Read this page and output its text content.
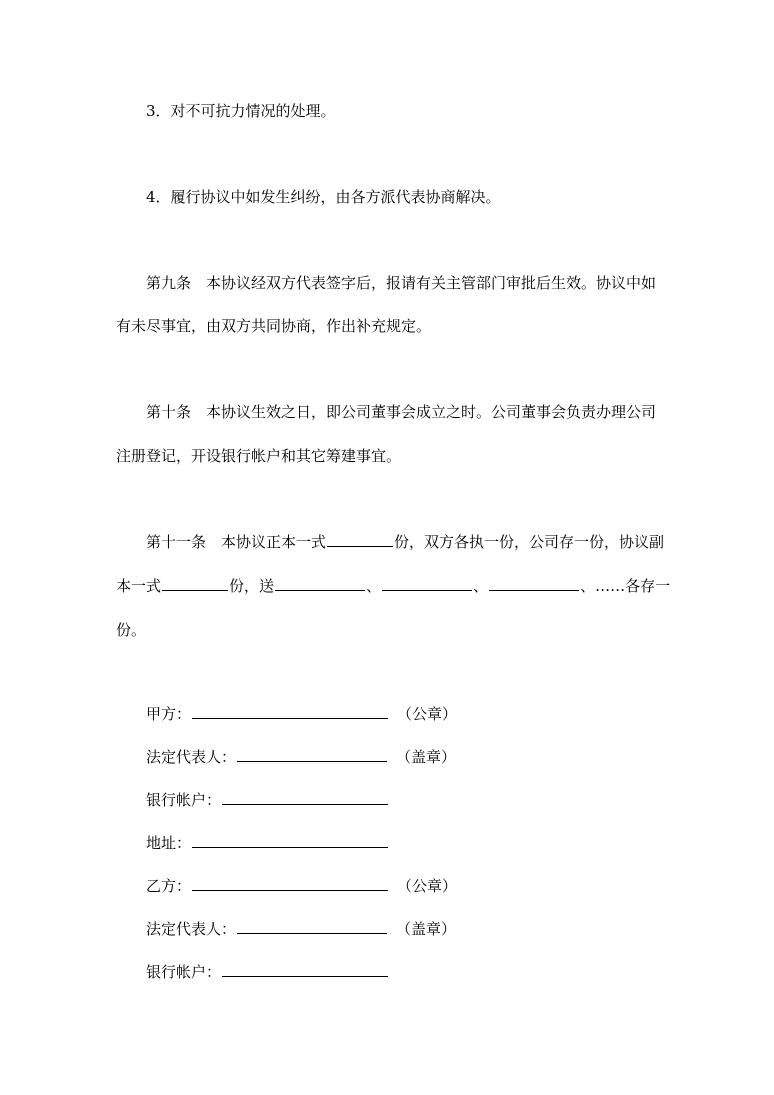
3．对不可抗力情况的处理。
4．履行协议中如发生纠纷，由各方派代表协商解决。
第九条　本协议经双方代表签字后，报请有关主管部门审批后生效。协议中如
有未尽事宜，由双方共同协商，作出补充规定。
第十条　本协议生效之日，即公司董事会成立之时。公司董事会负责办理公司
注册登记，开设银行帐户和其它筹建事宜。
第十一条　本协议正本一式	份，双方各执一份，公司存一份，协议副
本一式	份，送	、	、	、……各存一
份。
甲方：	（公章）
法定代表人：	（盖章）
银行帐户：
地址：
乙方：	（公章）
法定代表人：	（盖章）
银行帐户：
